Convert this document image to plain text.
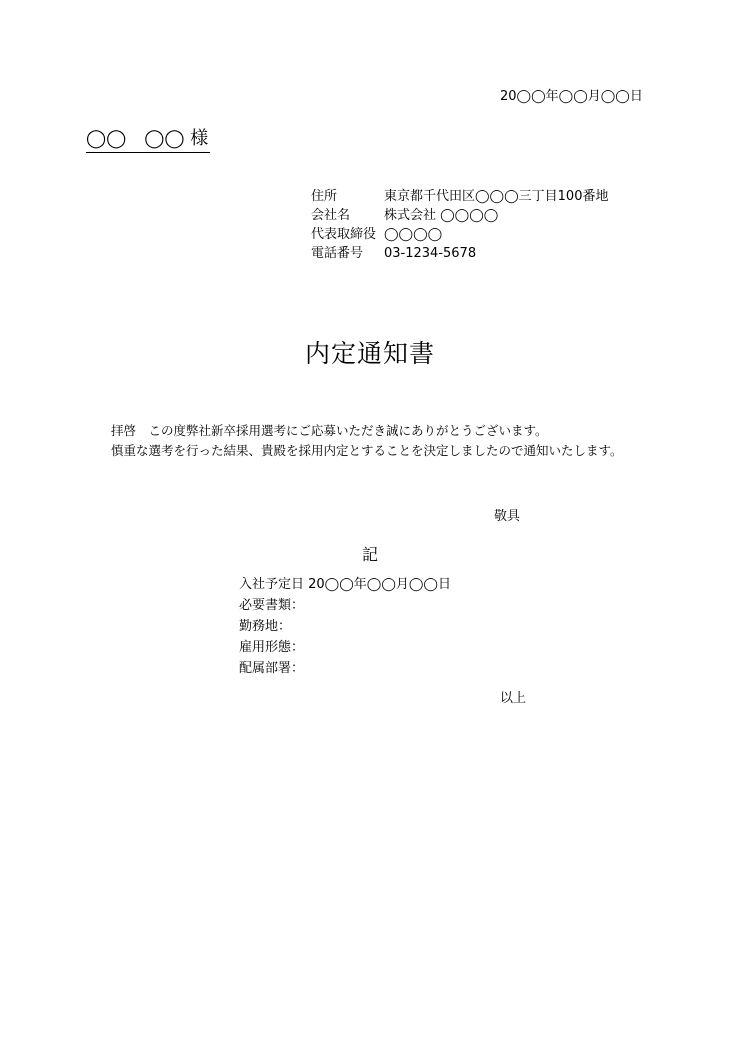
20◯◯年◯◯月◯◯日
◯◯　◯◯ 様
住所	東京都千代田区◯◯◯三丁目100番地
会社名	株式会社 ◯◯◯◯
代表取締役 ◯◯◯◯
電話番号	03-1234-5678
内定通知書
拝啓　この度弊社新卒採用選考にご応募いただき誠にありがとうございます。
慎重な選考を行った結果、貴殿を採用内定とすることを決定しましたので通知いたします。
敬具
記
入社予定日 20◯◯年◯◯月◯◯日
必要書類：
勤務地：
雇用形態：
配属部署：
以上
